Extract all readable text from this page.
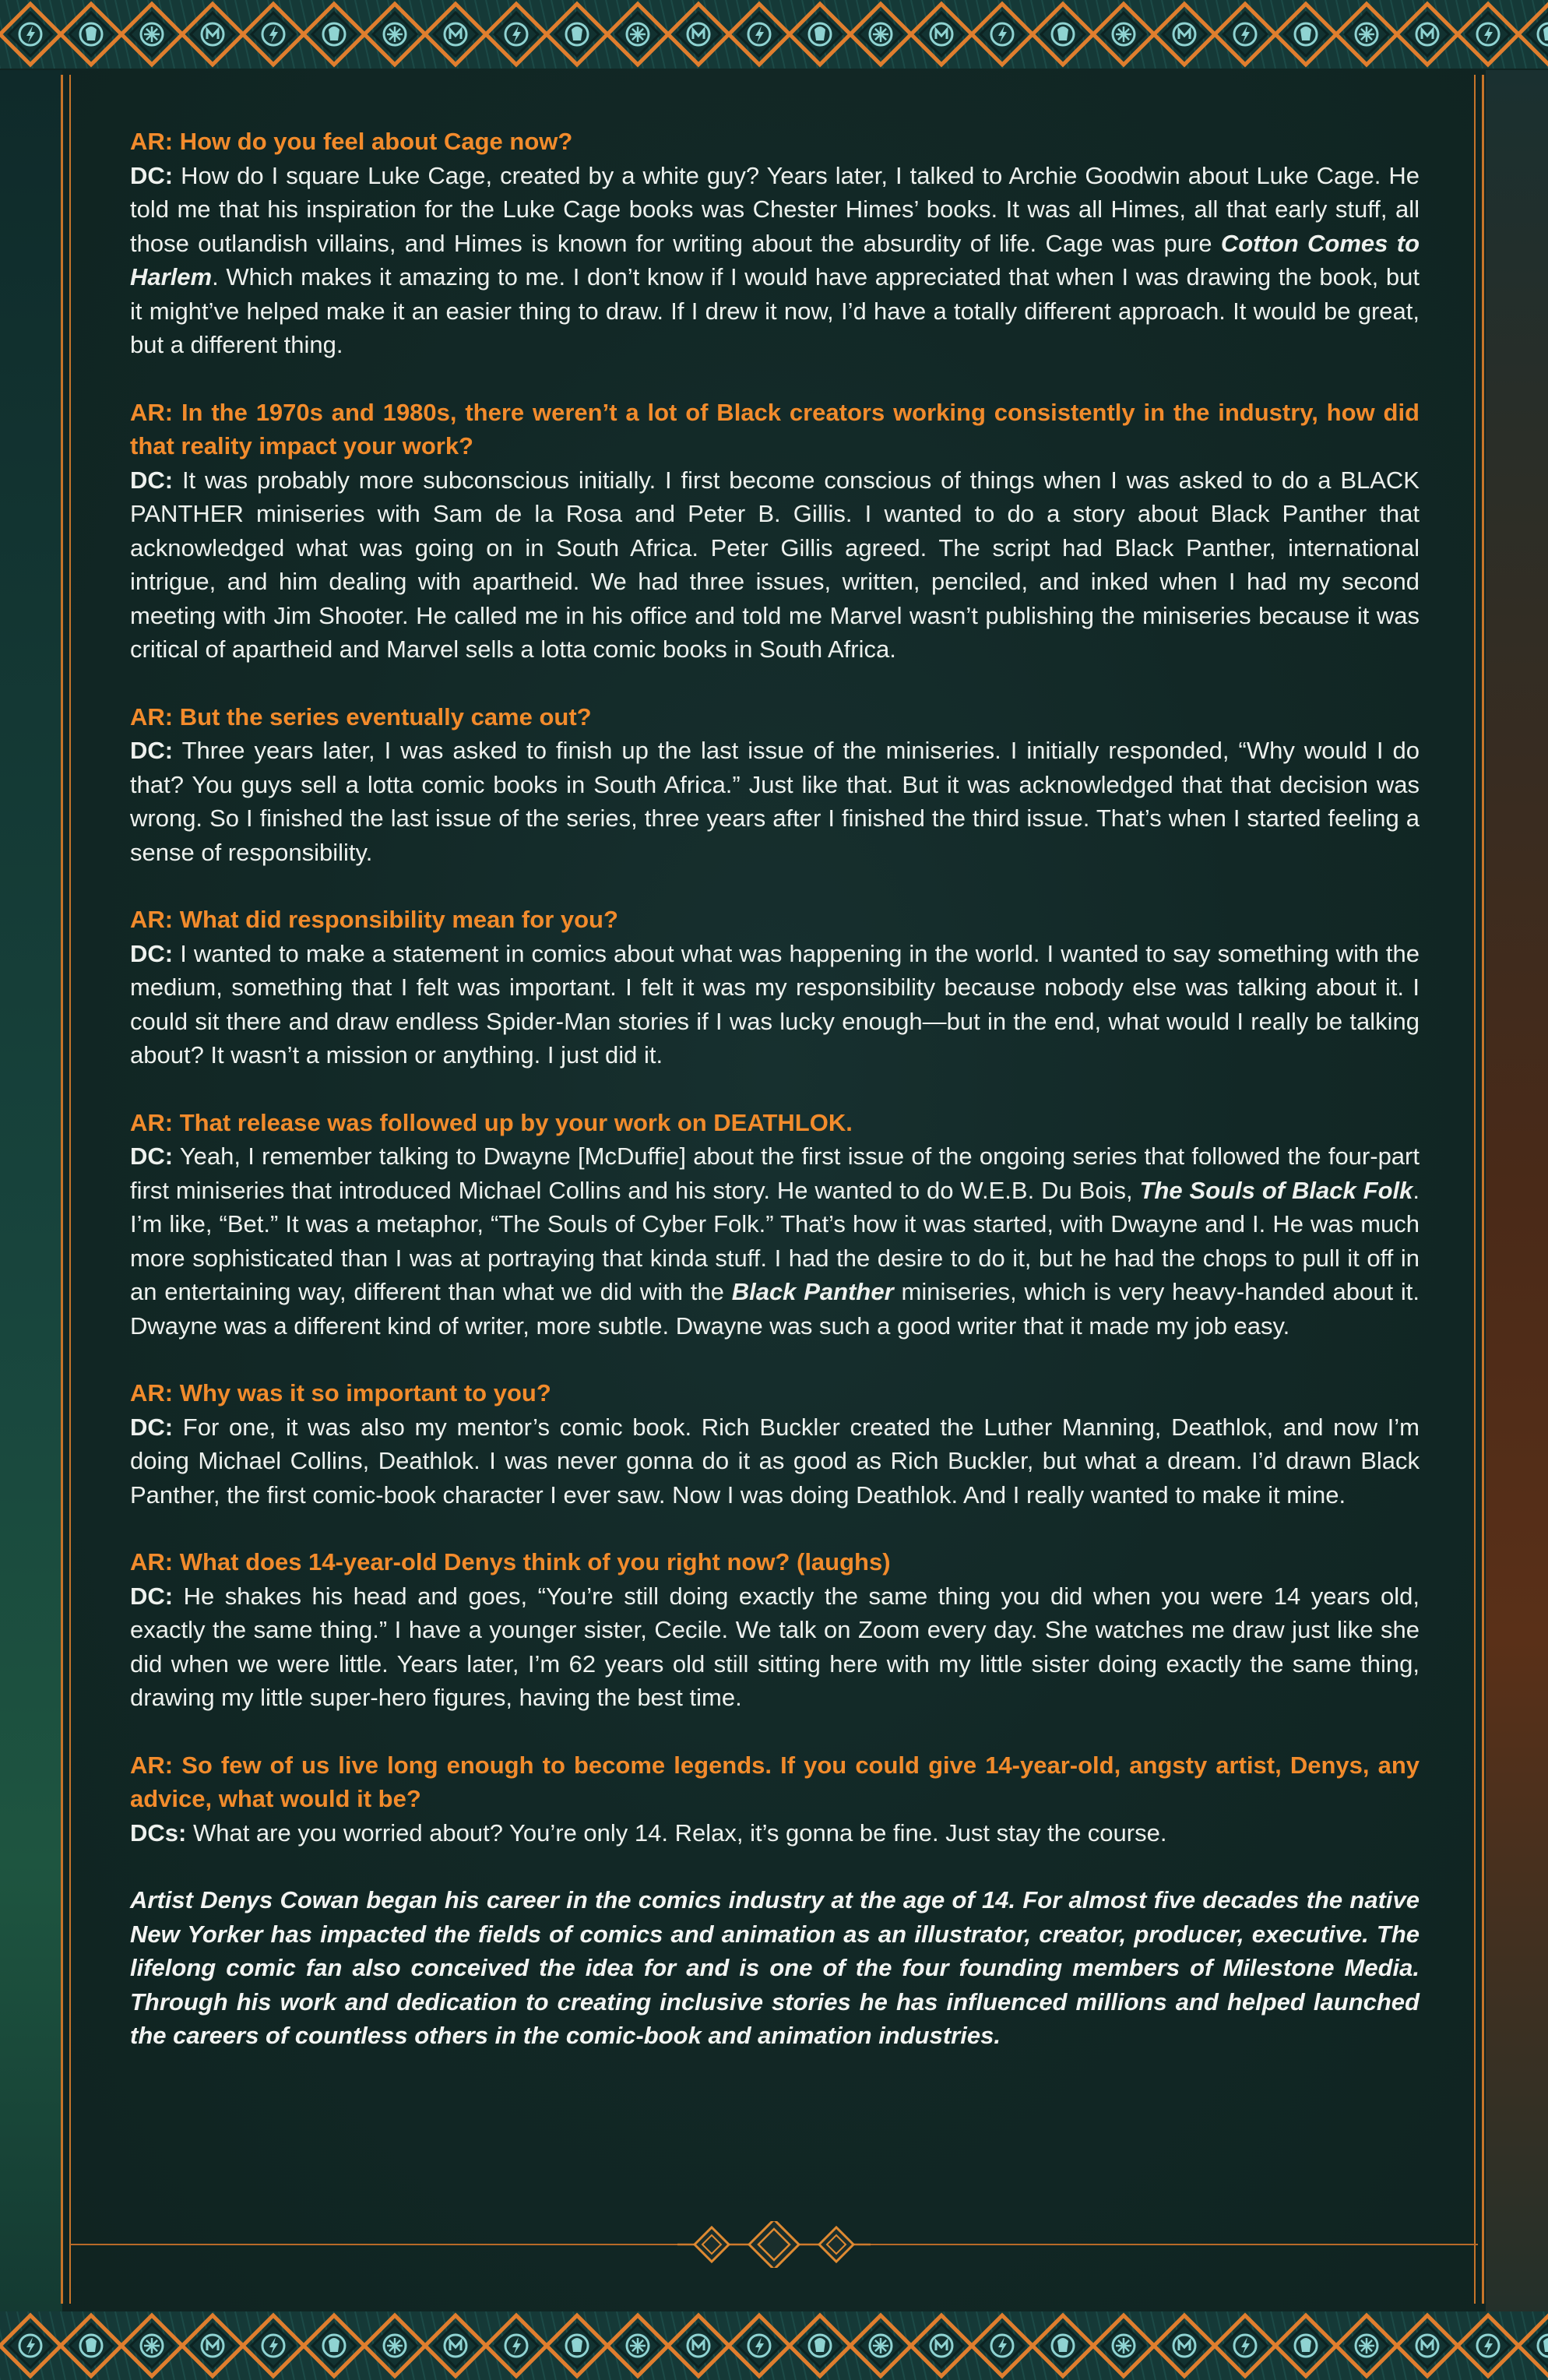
AR: How do you feel about Cage now?
DC: How do I square Luke Cage, created by a white guy? Years later, I talked to Archie Goodwin about Luke Cage. He told me that his inspiration for the Luke Cage books was Chester Himes’ books. It was all Himes, all that early stuff, all those outlandish villains, and Himes is known for writing about the absurdity of life. Cage was pure Cotton Comes to Harlem. Which makes it amazing to me. I don’t know if I would have appreciated that when I was drawing the book, but it might’ve helped make it an easier thing to draw. If I drew it now, I’d have a totally different approach. It would be great, but a different thing.
AR: In the 1970s and 1980s, there weren’t a lot of Black creators working consistently in the industry, how did that reality impact your work?
DC: It was probably more subconscious initially. I first become conscious of things when I was asked to do a BLACK PANTHER miniseries with Sam de la Rosa and Peter B. Gillis. I wanted to do a story about Black Panther that acknowledged what was going on in South Africa. Peter Gillis agreed. The script had Black Panther, international intrigue, and him dealing with apartheid. We had three issues, written, penciled, and inked when I had my second meeting with Jim Shooter. He called me in his office and told me Marvel wasn’t publishing the miniseries because it was critical of apartheid and Marvel sells a lotta comic books in South Africa.
AR: But the series eventually came out?
DC: Three years later, I was asked to finish up the last issue of the miniseries. I initially responded, “Why would I do that? You guys sell a lotta comic books in South Africa.” Just like that. But it was acknowledged that that decision was wrong. So I finished the last issue of the series, three years after I finished the third issue. That’s when I started feeling a sense of responsibility.
AR: What did responsibility mean for you?
DC: I wanted to make a statement in comics about what was happening in the world. I wanted to say something with the medium, something that I felt was important. I felt it was my responsibility because nobody else was talking about it. I could sit there and draw endless Spider-Man stories if I was lucky enough—but in the end, what would I really be talking about? It wasn’t a mission or anything. I just did it.
AR: That release was followed up by your work on DEATHLOK.
DC: Yeah, I remember talking to Dwayne [McDuffie] about the first issue of the ongoing series that followed the four-part first miniseries that introduced Michael Collins and his story. He wanted to do W.E.B. Du Bois, The Souls of Black Folk. I’m like, “Bet.” It was a metaphor, “The Souls of Cyber Folk.” That’s how it was started, with Dwayne and I. He was much more sophisticated than I was at portraying that kinda stuff. I had the desire to do it, but he had the chops to pull it off in an entertaining way, different than what we did with the Black Panther miniseries, which is very heavy-handed about it. Dwayne was a different kind of writer, more subtle. Dwayne was such a good writer that it made my job easy.
AR: Why was it so important to you?
DC: For one, it was also my mentor’s comic book. Rich Buckler created the Luther Manning, Deathlok, and now I’m doing Michael Collins, Deathlok. I was never gonna do it as good as Rich Buckler, but what a dream. I’d drawn Black Panther, the first comic-book character I ever saw. Now I was doing Deathlok. And I really wanted to make it mine.
AR: What does 14-year-old Denys think of you right now? (laughs)
DC: He shakes his head and goes, “You’re still doing exactly the same thing you did when you were 14 years old, exactly the same thing.” I have a younger sister, Cecile. We talk on Zoom every day. She watches me draw just like she did when we were little. Years later, I’m 62 years old still sitting here with my little sister doing exactly the same thing, drawing my little super-hero figures, having the best time.
AR: So few of us live long enough to become legends. If you could give 14-year-old, angsty artist, Denys, any advice, what would it be?
DCs: What are you worried about? You’re only 14. Relax, it’s gonna be fine. Just stay the course.

Artist Denys Cowan began his career in the comics industry at the age of 14. For almost five decades the native New Yorker has impacted the fields of comics and animation as an illustrator, creator, producer, executive. The lifelong comic fan also conceived the idea for and is one of the four founding members of Milestone Media. Through his work and dedication to creating inclusive stories he has influenced millions and helped launched the careers of countless others in the comic-book and animation industries.
